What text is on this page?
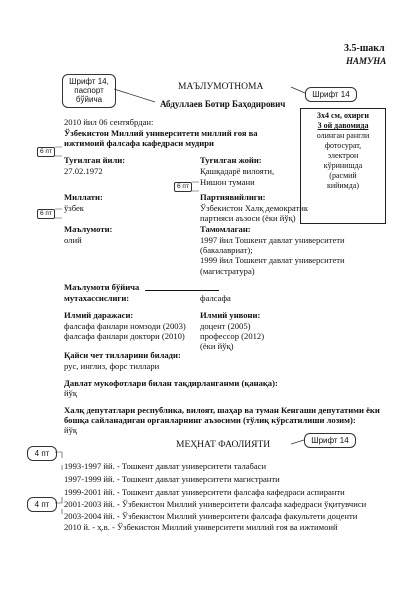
3.5-шакл
НАМУНА
МАЪЛУМОТНОМА
Абдуллаев Ботир Баҳодирович
Шрифт 14,
паспорт
бўйича
Шрифт 14
Шрифт 14
6 пт
6 пт
6 пт
4 пт
4 пт
3х4 см, охирги
3 ой давомида
олинган рангли
фотосурат,
электрон
кўринишда
(расмий
кийимда)
2010 йил 06 сентябрдан:
Ўзбекистон Миллий университети миллий ғоя ва
ижтимоий фалсафа кафедраси мудири
Туғилган йили:
27.02.1972
Туғилган жойи:
Қашқадарё вилояти,
Нишон тумани
Миллати:
ўзбек
Партиявийлиги:
Ўзбекистон Халқ демократик
партияси аъзоси (ёки йўқ)
Маълумоти:
олий
Тамомлаган:
1997 йил Тошкент давлат университети
(бакалавриат);
1999 йил Тошкент давлат университети
(магистратура)
Маълумоти бўйича
мутахассислиги:	фалсафа
Илмий даражаси:
фалсафа фанлари номзоди (2003)
фалсафа фанлари доктори (2010)
Илмий унвони:
доцент (2005)
профессор (2012)
(ёки йўқ)
Қайси чет тилларини билади:
рус, инглиз, форс тиллари
Давлат мукофотлари билан тақдирланганми (қанақа):
йўқ
Халқ депутатлари республика, вилоят, шаҳар ва туман Кенгаши депутатими ёки
бошқа сайланадиган органларнинг аъзосими (тўлиқ кўрсатилиши лозим):
йўқ
МЕҲНАТ ФАОЛИЯТИ
1993-1997 йй. - Тошкент давлат университети талабаси
1997-1999 йй. - Тошкент давлат университети магистранти
1999-2001 йй. - Тошкент давлат университети фалсафа кафедраси аспиранти
2001-2003 йй. - Ўзбекистон Миллий университети фалсафа кафедраси ўқитувчиси
2003-2004 йй. - Ўзбекистон Миллий университети фалсафа факультети доценти
2010 й. - ҳ.в. - Ўзбекистон Миллий университети миллий ғоя ва ижтимоий
